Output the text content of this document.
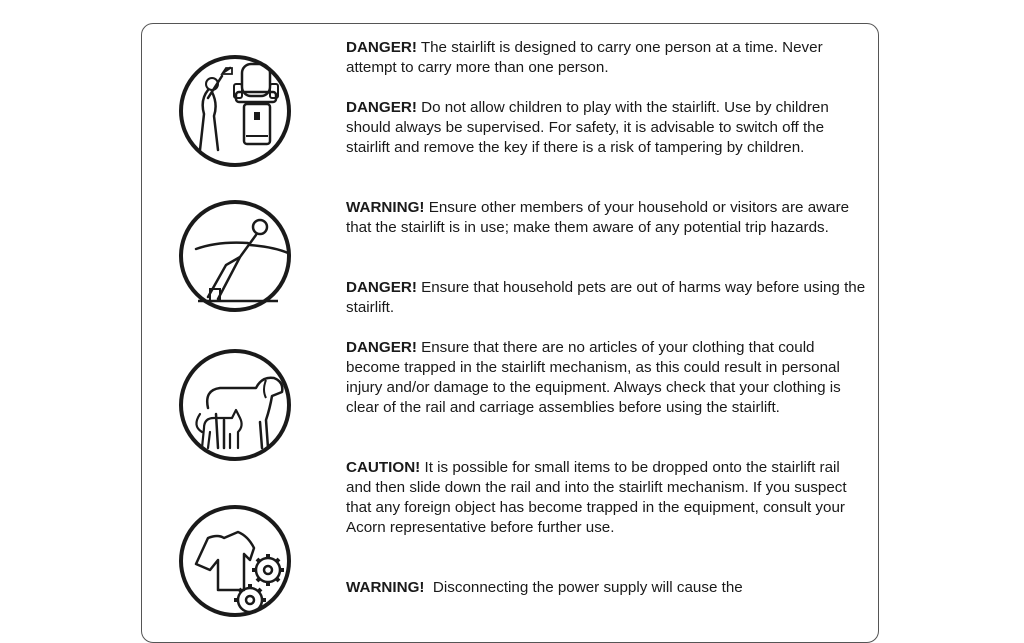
DANGER! The stairlift is designed to carry one person at a time. Never attempt to carry more than one person.

DANGER! Do not allow children to play with the stairlift. Use by children should always be supervised. For safety, it is advisable to switch off the stairlift and remove the key if there is a risk of tampering by children.

WARNING! Ensure other members of your household or visitors are aware that the stairlift is in use; make them aware of any potential trip hazards.

DANGER! Ensure that household pets are out of harms way before using the stairlift.

DANGER! Ensure that there are no articles of your clothing that could become trapped in the stairlift mechanism, as this could result in personal injury and/or damage to the equipment. Always check that your clothing is clear of the rail and carriage assemblies before using the stairlift.

CAUTION! It is possible for small items to be dropped onto the stairlift rail and then slide down the rail and into the stairlift mechanism. If you suspect that any foreign object has become trapped in the equipment, consult your Acorn representative before further use.

WARNING!  Disconnecting the power supply will cause the
